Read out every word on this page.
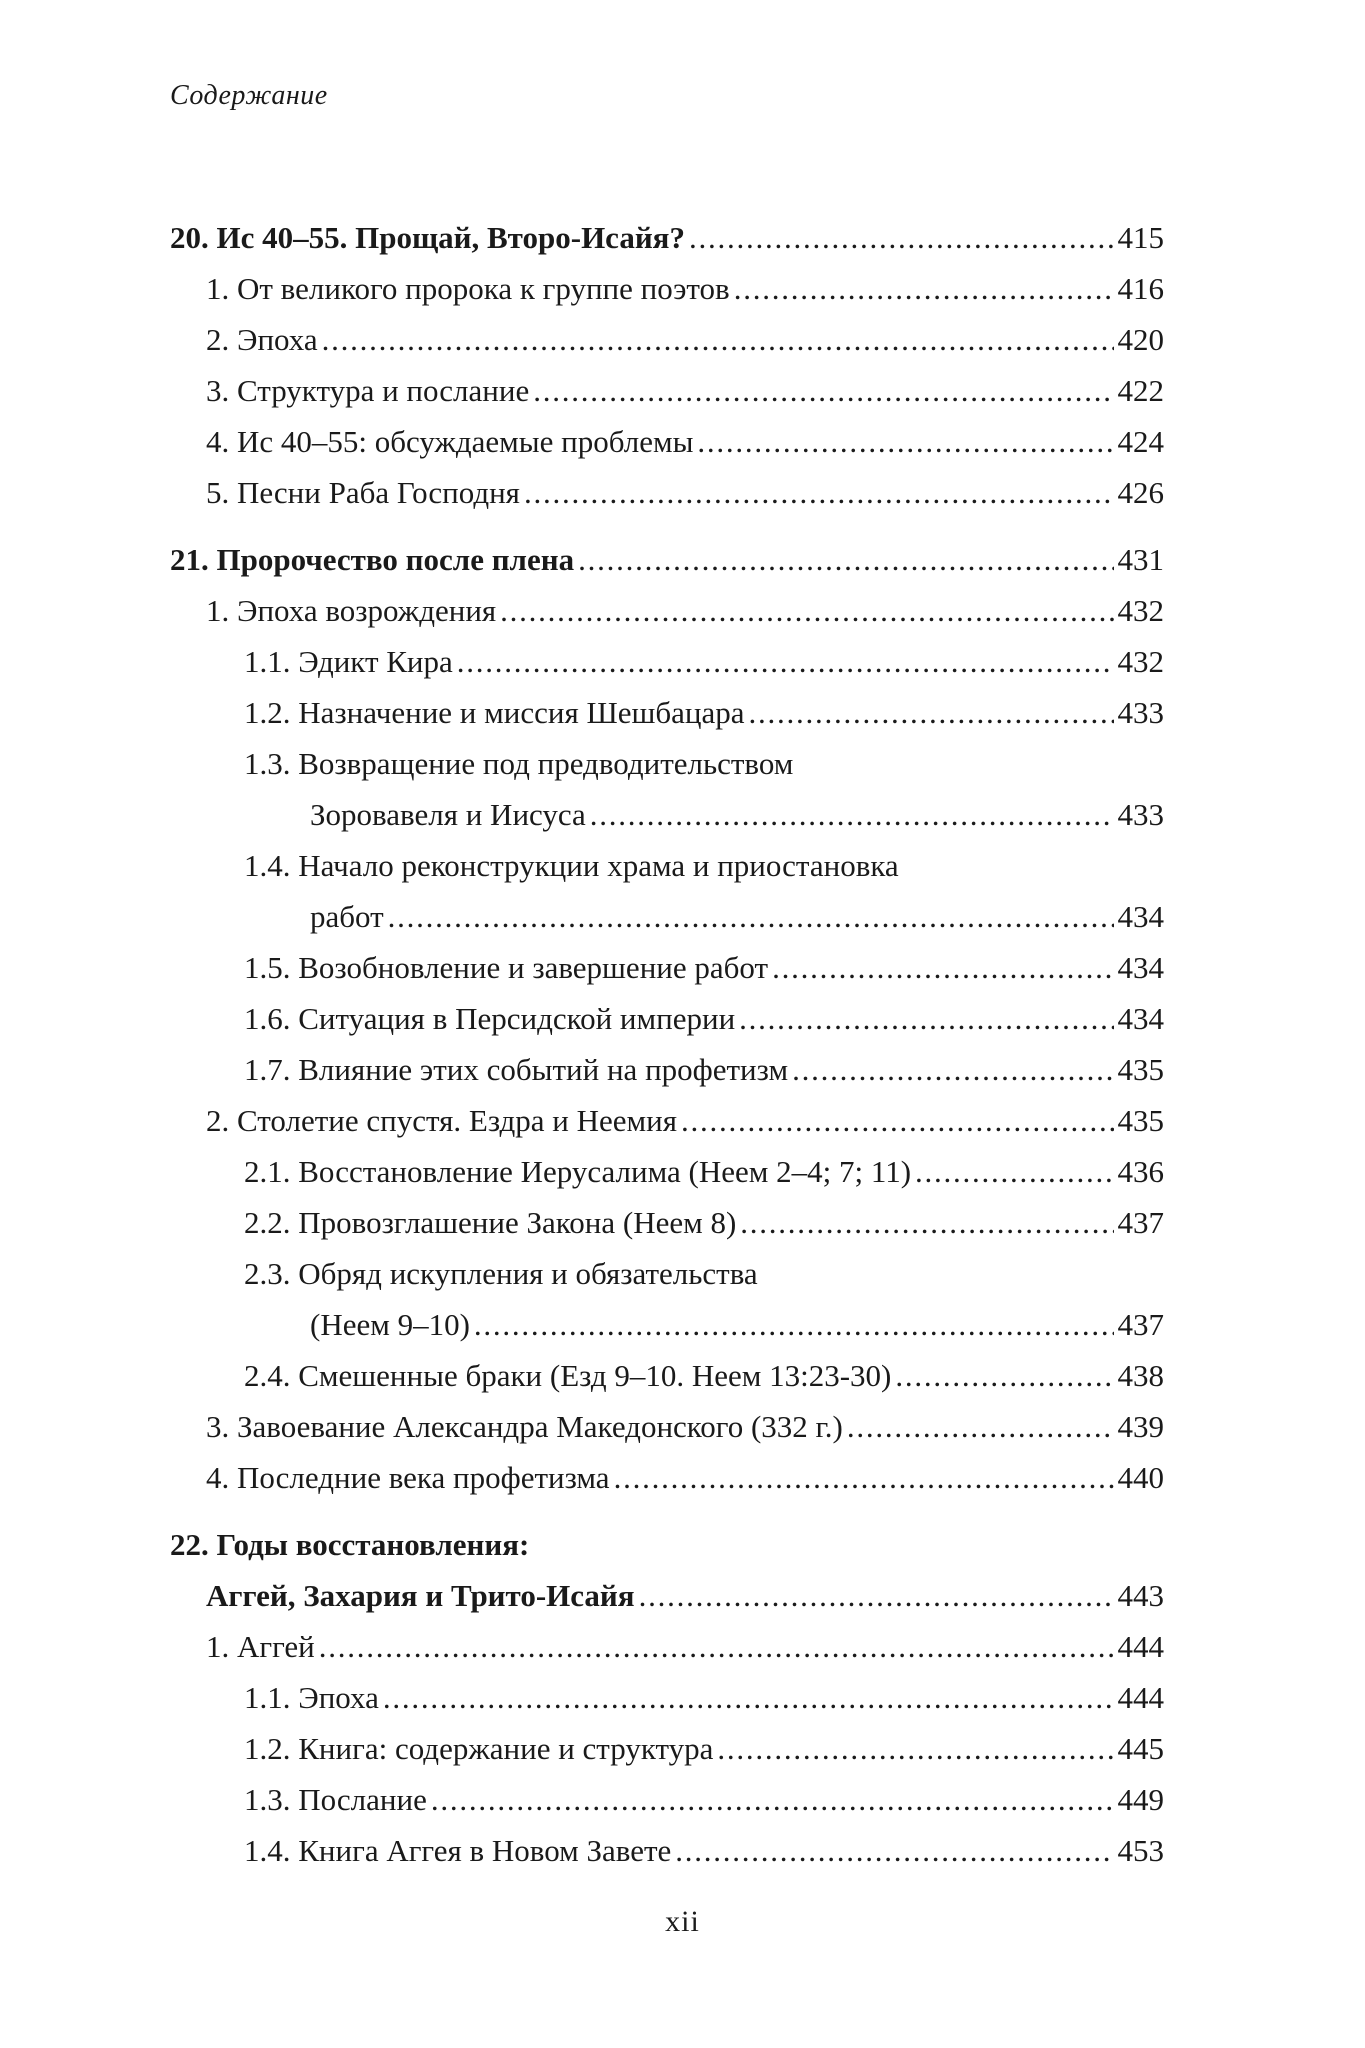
Содержание
20. Ис 40–55. Прощай, Второ-Исайя? . . .	415
1. От великого пророка к группе поэтов . . .	416
2. Эпоха . . .	420
3. Структура и послание . . .	422
4. Ис 40–55: обсуждаемые проблемы . . .	424
5. Песни Раба Господня . . .	426
21. Пророчество после плена . . .	431
1. Эпоха возрождения . . .	432
1.1. Эдикт Кира . . .	432
1.2. Назначение и миссия Шешбацара . . .	433
1.3. Возвращение под предводительством
Зоровавеля и Иисуса . . .	433
1.4. Начало реконструкции храма и приостановка
работ . . .	434
1.5. Возобновление и завершение работ . . .	434
1.6. Ситуация в Персидской империи . . .	434
1.7. Влияние этих событий на профетизм . . .	435
2. Столетие спустя. Ездра и Неемия . . .	435
2.1. Восстановление Иерусалима (Неем 2–4; 7; 11) . . .	436
2.2. Провозглашение Закона (Неем 8) . . .	437
2.3. Обряд искупления и обязательства
(Неем 9–10) . . .	437
2.4. Смешенные браки (Езд 9–10. Неем 13:23-30) . . .	438
3. Завоевание Александра Македонского (332 г.) . . .	439
4. Последние века профетизма . . .	440
22. Годы восстановления:
Аггей, Захария и Трито-Исайя . . .	443
1. Аггей . . .	444
1.1. Эпоха . . .	444
1.2. Книга: содержание и структура . . .	445
1.3. Послание . . .	449
1.4. Книга Аггея в Новом Завете . . .	453
xii
